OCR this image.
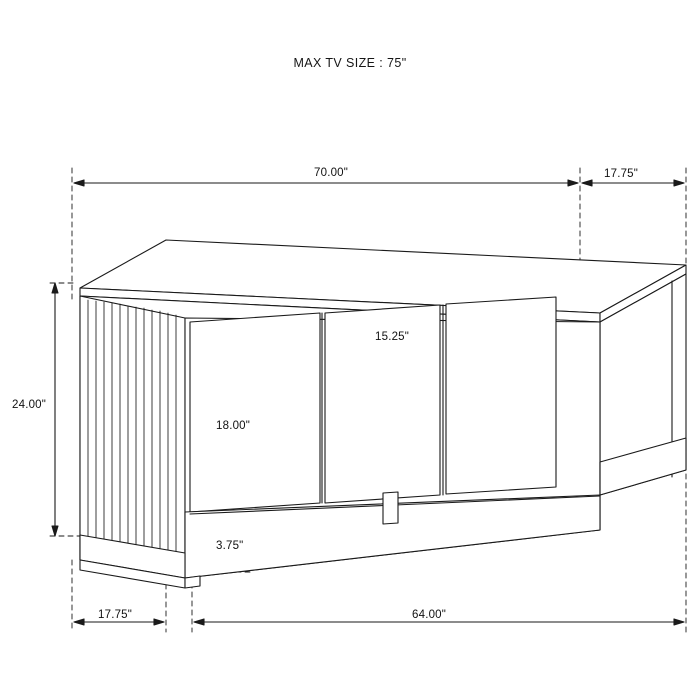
MAX TV SIZE : 75"
70.00"	17.75"
24.00"
15.25"
18.00"
3.75"
17.75"	64.00"
